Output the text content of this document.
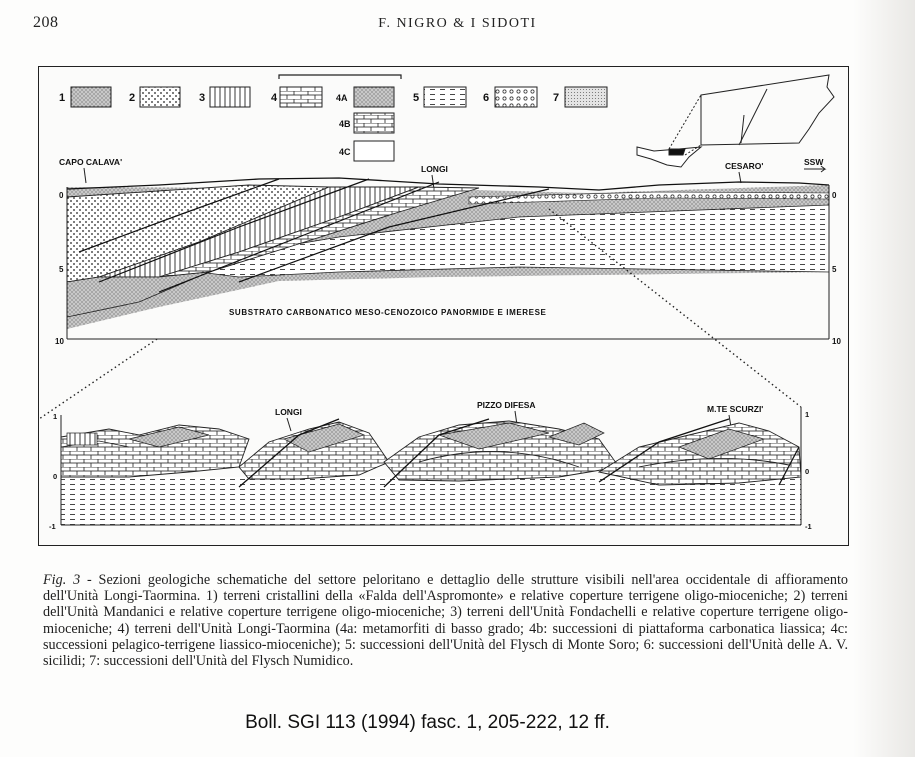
208	F. NIGRO & I SIDOTI
1	2	3	4	4A
4B
4C
5	6	7
CAPO CALAVA'
LONGI	CESARO'	SSW
0
5
10
0
5
10
SUBSTRATO CARBONATICO MESO-CENOZOICO PANORMIDE E IMERESE
LONGI
PIZZO DIFESA	M.TE SCURZI'
1
0
-1
1
0
-1
Fig. 3 - Sezioni geologiche schematiche del settore peloritano e dettaglio delle strutture visibili nell'area occidentale di affioramento dell'Unità Longi-Taormina. 1) terreni cristallini della «Falda dell'Aspromonte» e relative coperture terrigene oligo-mioceniche; 2) terreni dell'Unità Mandanici e relative coperture terrigene oligo-mioceniche; 3) terreni dell'Unità Fondachelli e relative coperture terrigene oligo-mioceniche; 4) terreni dell'Unità Longi-Taormina (4a: metamorfiti di basso grado; 4b: successioni di piattaforma carbonatica liassica; 4c: successioni pelagico-terrigene liassico-mioceniche); 5: successioni dell'Unità del Flysch di Monte Soro; 6: successioni dell'Unità delle A. V. sicilidi; 7: successioni dell'Unità del Flysch Numidico.
Boll. SGI 113 (1994) fasc. 1, 205-222, 12 ff.
